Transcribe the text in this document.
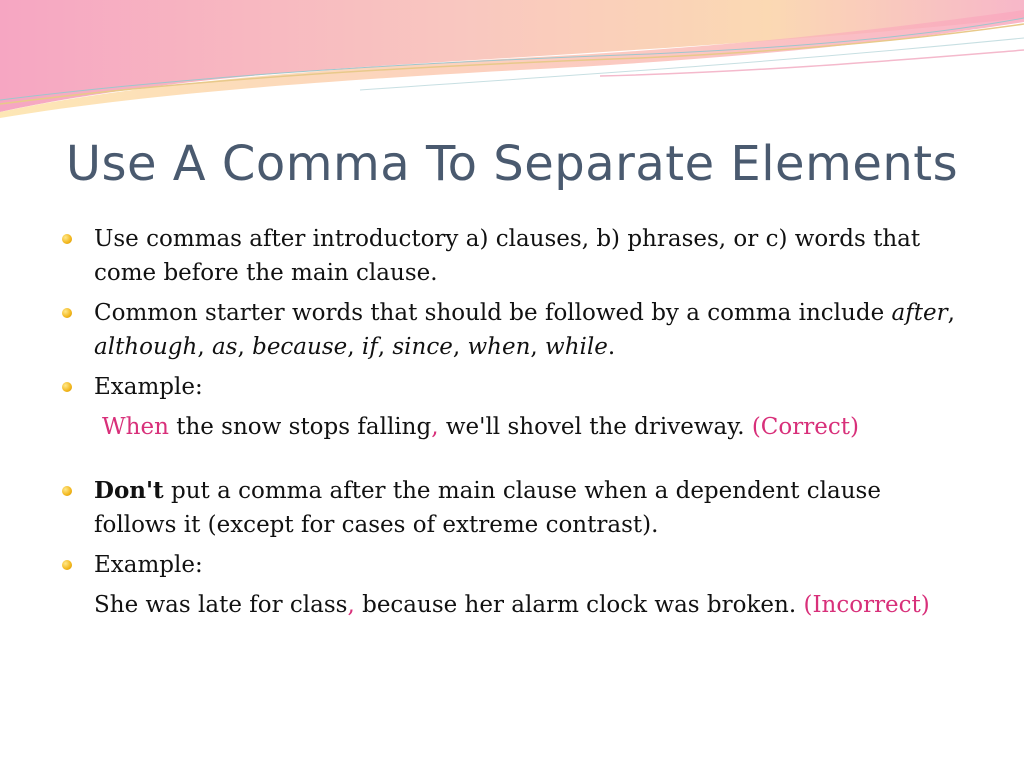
Use A Comma To Separate Elements
Use commas after introductory a) clauses, b) phrases, or c) words that come before the main clause.
Common starter words that should be followed by a comma include after, although, as, because, if, since, when, while.
Example:
When the snow stops falling, we'll shovel the driveway. (Correct)
Don't put a comma after the main clause when a dependent clause follows it (except for cases of extreme contrast).
Example:
She was late for class, because her alarm clock was broken. (Incorrect)
